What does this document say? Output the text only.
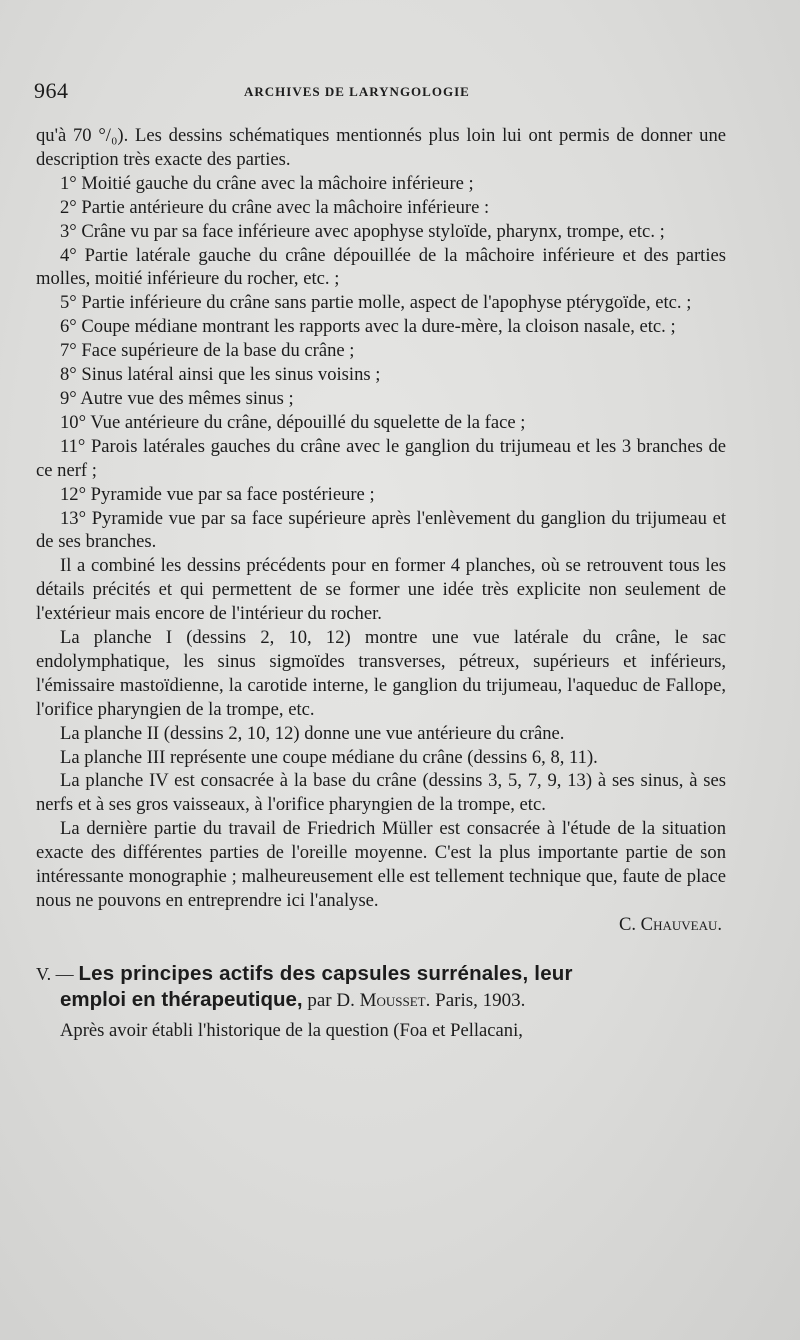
964	ARCHIVES DE LARYNGOLOGIE

qu'à 70 °/₀). Les dessins schématiques mentionnés plus loin lui ont permis de donner une description très exacte des parties.

1° Moitié gauche du crâne avec la mâchoire inférieure ;

2° Partie antérieure du crâne avec la mâchoire inférieure :

3° Crâne vu par sa face inférieure avec apophyse styloïde, pharynx, trompe, etc. ;

4° Partie latérale gauche du crâne dépouillée de la mâchoire inférieure et des parties molles, moitié inférieure du rocher, etc. ;

5° Partie inférieure du crâne sans partie molle, aspect de l'apophyse ptérygoïde, etc. ;

6° Coupe médiane montrant les rapports avec la dure-mère, la cloison nasale, etc. ;

7° Face supérieure de la base du crâne ;

8° Sinus latéral ainsi que les sinus voisins ;

9° Autre vue des mêmes sinus ;

10° Vue antérieure du crâne, dépouillé du squelette de la face ;

11° Parois latérales gauches du crâne avec le ganglion du trijumeau et les 3 branches de ce nerf ;

12° Pyramide vue par sa face postérieure ;

13° Pyramide vue par sa face supérieure après l'enlèvement du ganglion du trijumeau et de ses branches.

Il a combiné les dessins précédents pour en former 4 planches, où se retrouvent tous les détails précités et qui permettent de se former une idée très explicite non seulement de l'extérieur mais encore de l'intérieur du rocher.

La planche I (dessins 2, 10, 12) montre une vue latérale du crâne, le sac endolymphatique, les sinus sigmoïdes transverses, pétreux, supérieurs et inférieurs, l'émissaire mastoïdienne, la carotide interne, le ganglion du trijumeau, l'aqueduc de Fallope, l'orifice pharyngien de la trompe, etc.

La planche II (dessins 2, 10, 12) donne une vue antérieure du crâne.

La planche III représente une coupe médiane du crâne (dessins 6, 8, 11).

La planche IV est consacrée à la base du crâne (dessins 3, 5, 7, 9, 13) à ses sinus, à ses nerfs et à ses gros vaisseaux, à l'orifice pharyngien de la trompe, etc.

La dernière partie du travail de Friedrich Müller est consacrée à l'étude de la situation exacte des différentes parties de l'oreille moyenne. C'est la plus importante partie de son intéressante monographie ; malheureusement elle est tellement technique que, faute de place nous ne pouvons en entreprendre ici l'analyse.

C. Chauveau.

V. — Les principes actifs des capsules surrénales, leur

emploi en thérapeutique, par D. Mousset. Paris, 1903.

Après avoir établi l'historique de la question (Foa et Pellacani,
